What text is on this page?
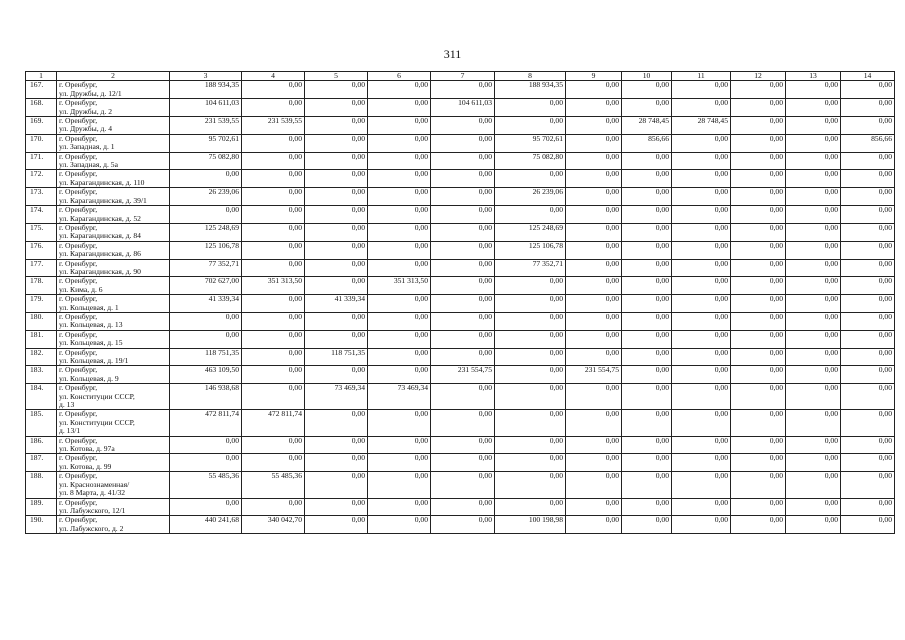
311
1	2	3	4	5	6	7	8	9	10	11	12	13	14
167.	г. Оренбург,
ул. Дружбы, д. 12/1	188 934,35	0,00	0,00	0,00	0,00	188 934,35	0,00	0,00	0,00	0,00	0,00	0,00
168.	г. Оренбург,
ул. Дружбы, д. 2	104 611,03	0,00	0,00	0,00	104 611,03	0,00	0,00	0,00	0,00	0,00	0,00	0,00
169.	г. Оренбург,
ул. Дружбы, д. 4	231 539,55	231 539,55	0,00	0,00	0,00	0,00	0,00	28 748,45	28 748,45	0,00	0,00	0,00
170.	г. Оренбург,
ул. Западная, д. 1	95 702,61	0,00	0,00	0,00	0,00	95 702,61	0,00	856,66	0,00	0,00	0,00	856,66
171.	г. Оренбург,
ул. Западная, д. 5а	75 082,80	0,00	0,00	0,00	0,00	75 082,80	0,00	0,00	0,00	0,00	0,00	0,00
172.	г. Оренбург,
ул. Карагандинская, д. 110	0,00	0,00	0,00	0,00	0,00	0,00	0,00	0,00	0,00	0,00	0,00	0,00
173.	г. Оренбург,
ул. Карагандинская, д. 39/1	26 239,06	0,00	0,00	0,00	0,00	26 239,06	0,00	0,00	0,00	0,00	0,00	0,00
174.	г. Оренбург,
ул. Карагандинская, д. 52	0,00	0,00	0,00	0,00	0,00	0,00	0,00	0,00	0,00	0,00	0,00	0,00
175.	г. Оренбург,
ул. Карагандинская, д. 84	125 248,69	0,00	0,00	0,00	0,00	125 248,69	0,00	0,00	0,00	0,00	0,00	0,00
176.	г. Оренбург,
ул. Карагандинская, д. 86	125 106,78	0,00	0,00	0,00	0,00	125 106,78	0,00	0,00	0,00	0,00	0,00	0,00
177.	г. Оренбург,
ул. Карагандинская, д. 90	77 352,71	0,00	0,00	0,00	0,00	77 352,71	0,00	0,00	0,00	0,00	0,00	0,00
178.	г. Оренбург,
ул. Кима, д. 6	702 627,00	351 313,50	0,00	351 313,50	0,00	0,00	0,00	0,00	0,00	0,00	0,00	0,00
179.	г. Оренбург,
ул. Кольцевая, д. 1	41 339,34	0,00	41 339,34	0,00	0,00	0,00	0,00	0,00	0,00	0,00	0,00	0,00
180.	г. Оренбург,
ул. Кольцевая, д. 13	0,00	0,00	0,00	0,00	0,00	0,00	0,00	0,00	0,00	0,00	0,00	0,00
181.	г. Оренбург,
ул. Кольцевая, д. 15	0,00	0,00	0,00	0,00	0,00	0,00	0,00	0,00	0,00	0,00	0,00	0,00
182.	г. Оренбург,
ул. Кольцевая, д. 19/1	118 751,35	0,00	118 751,35	0,00	0,00	0,00	0,00	0,00	0,00	0,00	0,00	0,00
183.	г. Оренбург,
ул. Кольцевая, д. 9	463 109,50	0,00	0,00	0,00	231 554,75	0,00	231 554,75	0,00	0,00	0,00	0,00	0,00
184.	г. Оренбург,
ул. Конституции СССР,
д. 13	146 938,68	0,00	73 469,34	73 469,34	0,00	0,00	0,00	0,00	0,00	0,00	0,00	0,00
185.	г. Оренбург,
ул. Конституции СССР,
д. 13/1	472 811,74	472 811,74	0,00	0,00	0,00	0,00	0,00	0,00	0,00	0,00	0,00	0,00
186.	г. Оренбург,
ул. Котова, д. 97а	0,00	0,00	0,00	0,00	0,00	0,00	0,00	0,00	0,00	0,00	0,00	0,00
187.	г. Оренбург,
ул. Котова, д. 99	0,00	0,00	0,00	0,00	0,00	0,00	0,00	0,00	0,00	0,00	0,00	0,00
188.	г. Оренбург,
ул. Краснознаменная/
ул. 8 Марта, д. 41/32	55 485,36	55 485,36	0,00	0,00	0,00	0,00	0,00	0,00	0,00	0,00	0,00	0,00
189.	г. Оренбург,
ул. Лабужского, 12/1	0,00	0,00	0,00	0,00	0,00	0,00	0,00	0,00	0,00	0,00	0,00	0,00
190.	г. Оренбург,
ул. Лабужского, д. 2	440 241,68	340 042,70	0,00	0,00	0,00	100 198,98	0,00	0,00	0,00	0,00	0,00	0,00
